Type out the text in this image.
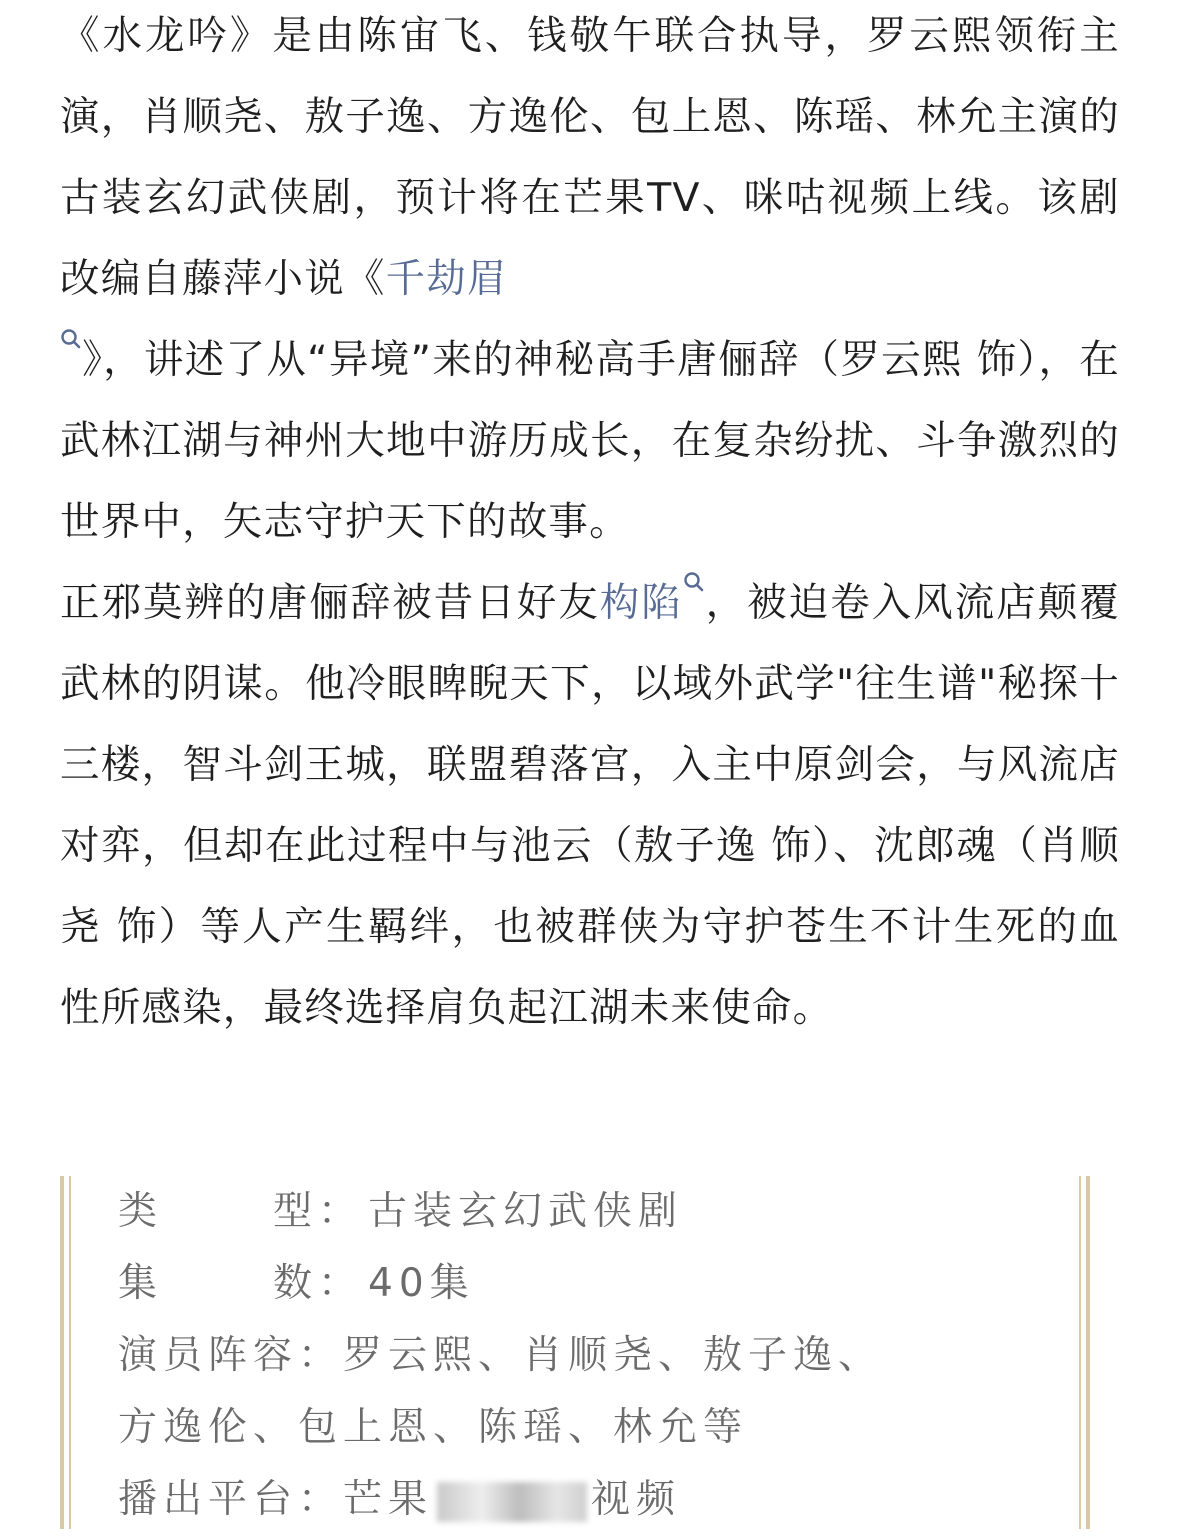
《水龙吟》是由陈宙飞、钱敬午联合执导，罗云熙领衔主演，肖顺尧、敖子逸、方逸伦、包上恩、陈瑶、林允主演的古装玄幻武侠剧，预计将在芒果TV、咪咕视频上线。该剧改编自藤萍小说《千劫眉

》，讲述了从“异境”来的神秘高手唐俪辞（罗云熙 饰），在武林江湖与神州大地中游历成长，在复杂纷扰、斗争激烈的世界中，矢志守护天下的故事。

正邪莫辨的唐俪辞被昔日好友构陷 ，被迫卷入风流店颠覆武林的阴谋。他冷眼睥睨天下，以域外武学"往生谱"秘探十三楼，智斗剑王城，联盟碧落宫，入主中原剑会，与风流店对弈，但却在此过程中与池云（敖子逸 饰）、沈郎魂（肖顺尧 饰）等人产生羁绊，也被群侠为守护苍生不计生死的血性所感染，最终选择肩负起江湖未来使命。

类	型： 古装玄幻武侠剧
集	数： 40集
演员阵容：罗云熙、肖顺尧、敖子逸、
方逸伦、包上恩、陈瑶、林允等
播出平台：芒果	视频
